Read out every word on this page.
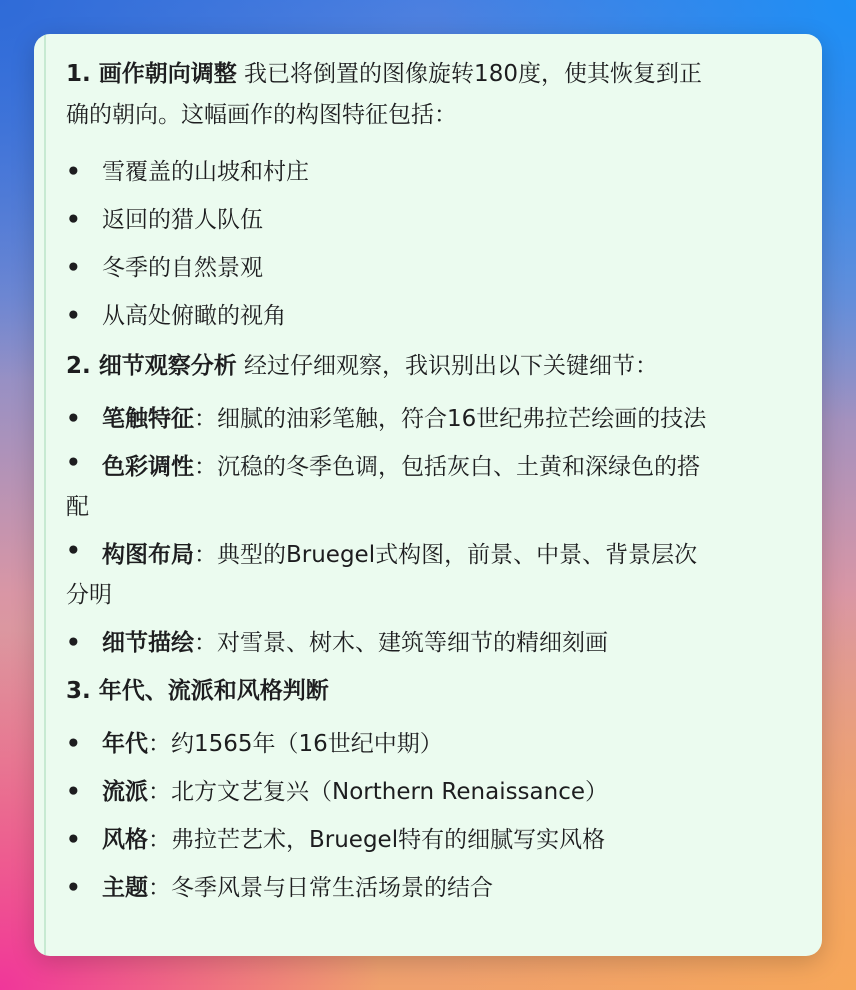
1. 画作朝向调整 我已将倒置的图像旋转180度，使其恢复到正
确的朝向。这幅画作的构图特征包括：

• 雪覆盖的山坡和村庄
• 返回的猎人队伍
• 冬季的自然景观
• 从高处俯瞰的视角

2. 细节观察分析 经过仔细观察，我识别出以下关键细节：

• 笔触特征：细腻的油彩笔触，符合16世纪弗拉芒绘画的技法
• 色彩调性：沉稳的冬季色调，包括灰白、土黄和深绿色的搭
配
• 构图布局：典型的Bruegel式构图，前景、中景、背景层次
分明
• 细节描绘：对雪景、树木、建筑等细节的精细刻画

3. 年代、流派和风格判断

• 年代：约1565年（16世纪中期）
• 流派：北方文艺复兴（Northern Renaissance）
• 风格：弗拉芒艺术，Bruegel特有的细腻写实风格
• 主题：冬季风景与日常生活场景的结合
